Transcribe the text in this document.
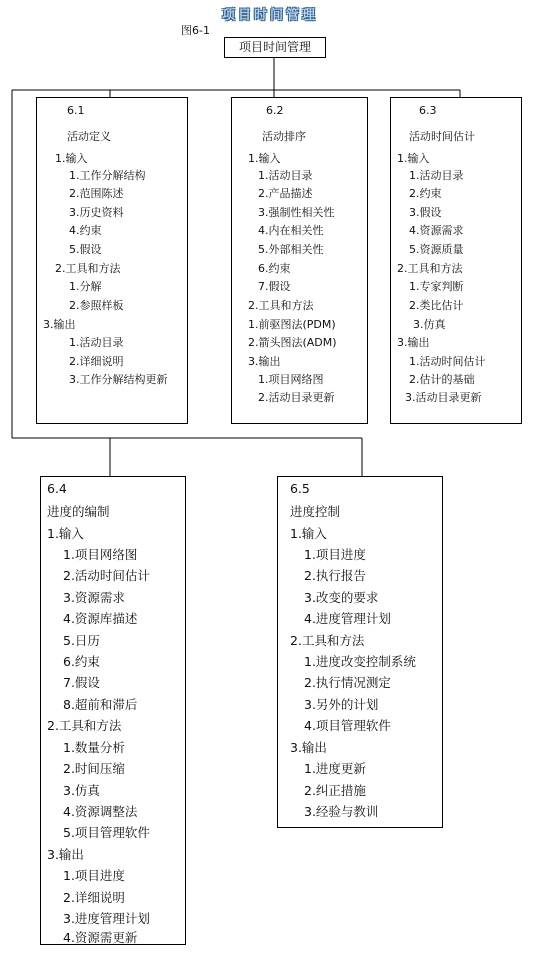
项目时间管理
图6-1
项目时间管理
6.1
活动定义
1.输入
1.工作分解结构
2.范围陈述
3.历史资料
4.约束
5.假设
2.工具和方法
1.分解
2.参照样板
3.输出
1.活动目录
2.详细说明
3.工作分解结构更新
6.2
活动排序
1.输入
1.活动目录
2.产品描述
3.强制性相关性
4.内在相关性
5.外部相关性
6.约束
7.假设
2.工具和方法
1.前驱图法(PDM)
2.箭头图法(ADM)
3.输出
1.项目网络图
2.活动目录更新
6.3
活动时间估计
1.输入
1.活动目录
2.约束
3.假设
4.资源需求
5.资源质量
2.工具和方法
1.专家判断
2.类比估计
3.仿真
3.输出
1.活动时间估计
2.估计的基础
3.活动目录更新
6.4
进度的编制
1.输入
1.项目网络图
2.活动时间估计
3.资源需求
4.资源库描述
5.日历
6.约束
7.假设
8.超前和滞后
2.工具和方法
1.数量分析
2.时间压缩
3.仿真
4.资源调整法
5.项目管理软件
3.输出
1.项目进度
2.详细说明
3.进度管理计划
4.资源需更新
6.5
进度控制
1.输入
1.项目进度
2.执行报告
3.改变的要求
4.进度管理计划
2.工具和方法
1.进度改变控制系统
2.执行情况测定
3.另外的计划
4.项目管理软件
3.输出
1.进度更新
2.纠正措施
3.经验与教训
